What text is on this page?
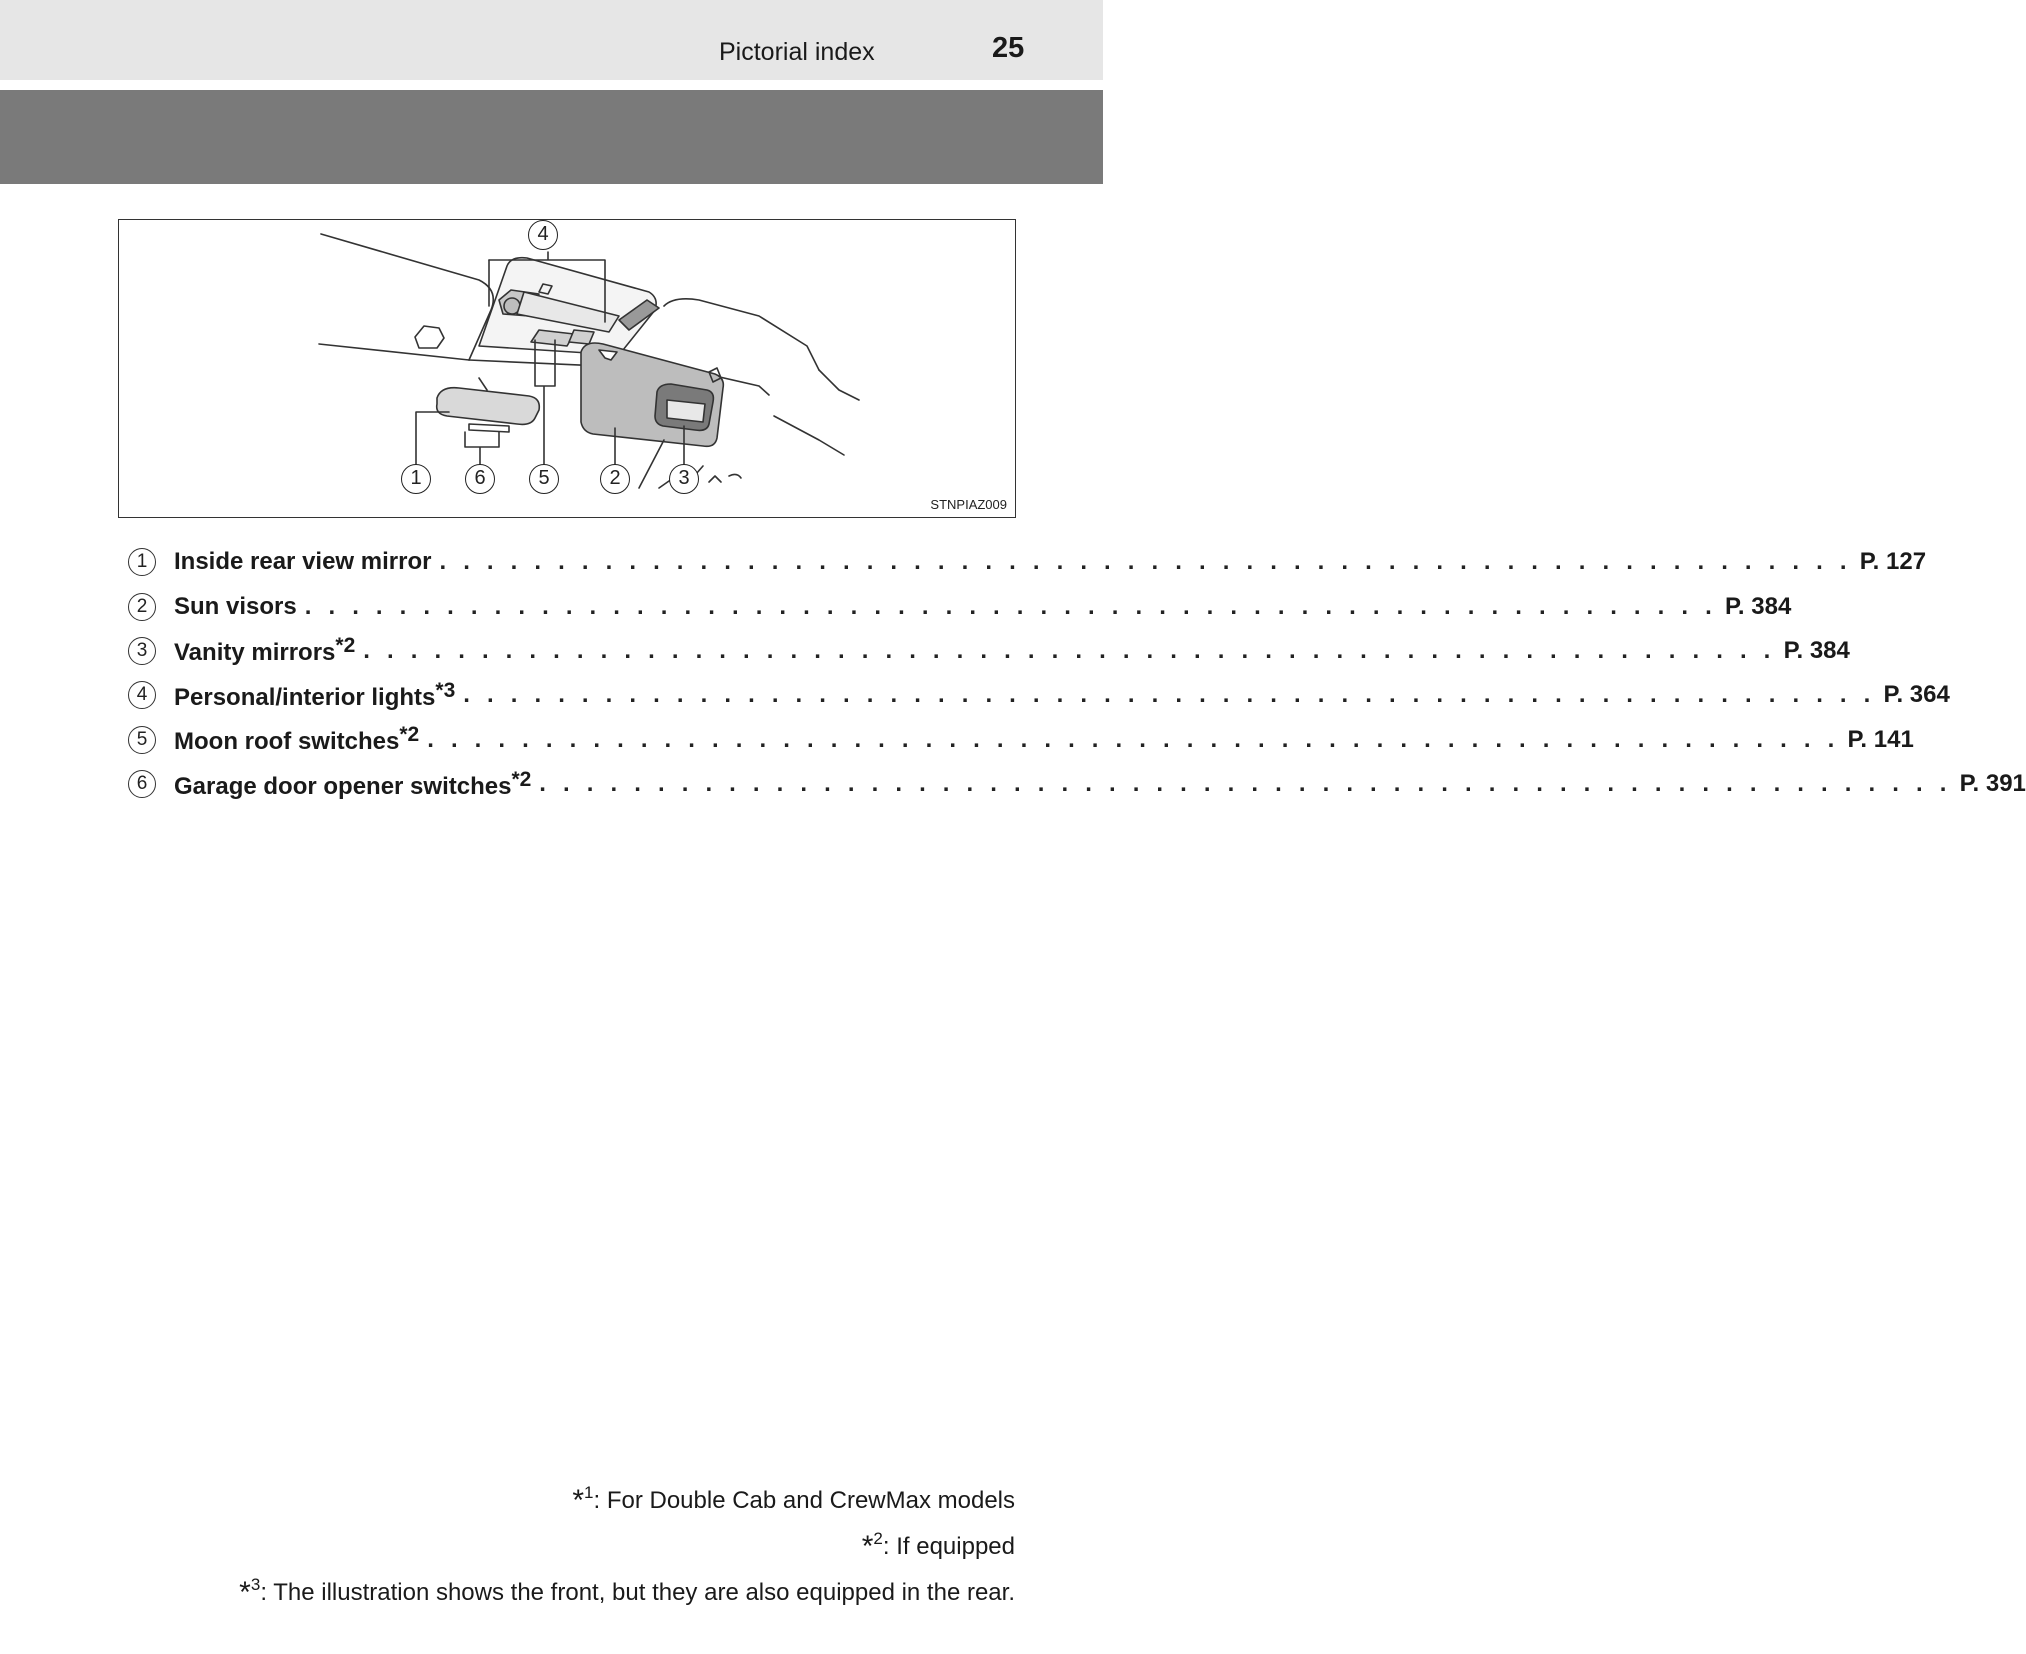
Pictorial index	25
4
1	6	5	2	3
STNPIAZ009
1	Inside rear view mirror . . . . . . . . . . . . . . . . . . . . . . . . . . . . . . . . . . . . . . . . . . . . . . . . . . . . . . . . . . . . P. 127
2	Sun visors . . . . . . . . . . . . . . . . . . . . . . . . . . . . . . . . . . . . . . . . . . . . . . . . . . . . . . . . . . . . P. 384
3	Vanity mirrors$^{*2}$ . . . . . . . . . . . . . . . . . . . . . . . . . . . . . . . . . . . . . . . . . . . . . . . . . . . . . . . . . . . . P. 384
4	Personal/interior lights$^{*3}$ . . . . . . . . . . . . . . . . . . . . . . . . . . . . . . . . . . . . . . . . . . . . . . . . . . . . . . . . . . . . P. 364
5	Moon roof switches$^{*2}$ . . . . . . . . . . . . . . . . . . . . . . . . . . . . . . . . . . . . . . . . . . . . . . . . . . . . . . . . . . . . P. 141
6	Garage door opener switches$^{*2}$ . . . . . . . . . . . . . . . . . . . . . . . . . . . . . . . . . . . . . . . . . . . . . . . . . . . . . . . . . . . . P. 391
*$^1$: For Double Cab and CrewMax models
*$^2$: If equipped
*$^3$: The illustration shows the front, but they are also equipped in the rear.
